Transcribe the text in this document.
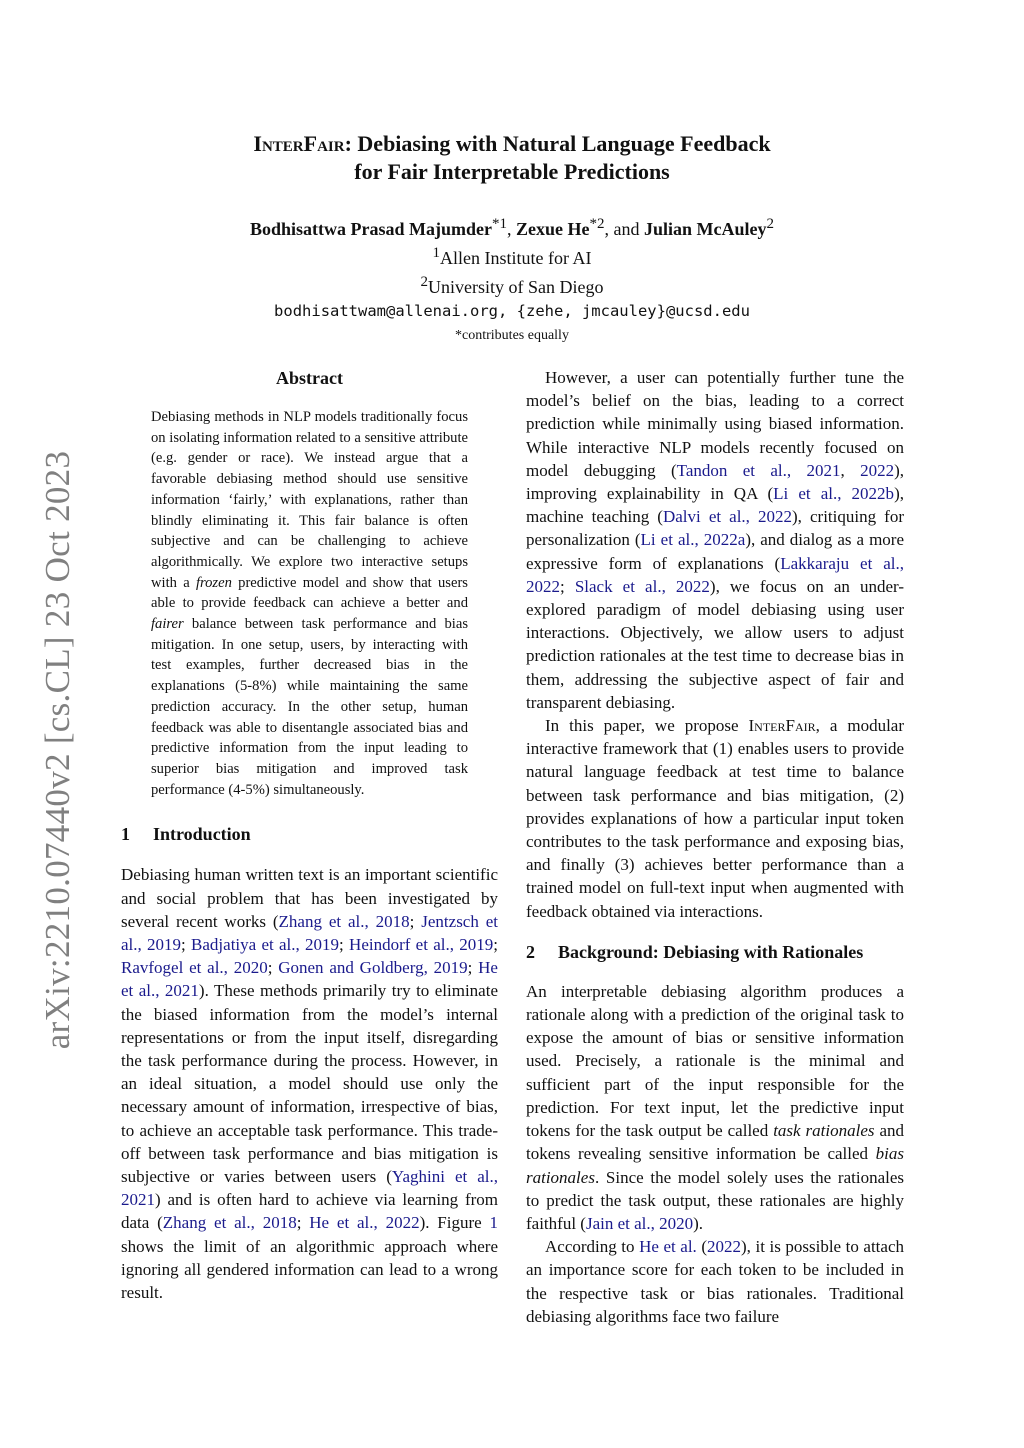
arXiv:2210.07440v2 [cs.CL] 23 Oct 2023
InterFair: Debiasing with Natural Language Feedback
for Fair Interpretable Predictions
Bodhisattwa Prasad Majumder$^{*1}$, Zexue He$^{*2}$, and Julian McAuley$^2$
$^1$Allen Institute for AI
$^2$University of San Diego
bodhisattwam@allenai.org, {zehe, jmcauley}@ucsd.edu
*contributes equally
Abstract
Debiasing methods in NLP models traditionally focus on isolating information related to a sensitive attribute (e.g. gender or race). We instead argue that a favorable debiasing method should use sensitive information ‘fairly,’ with explanations, rather than blindly eliminating it. This fair balance is often subjective and can be challenging to achieve algorithmically. We explore two interactive setups with a frozen predictive model and show that users able to provide feedback can achieve a better and fairer balance between task performance and bias mitigation. In one setup, users, by interacting with test examples, further decreased bias in the explanations (5-8%) while maintaining the same prediction accuracy. In the other setup, human feedback was able to disentangle associated bias and predictive information from the input leading to superior bias mitigation and improved task performance (4-5%) simultaneously.
1 Introduction

Debiasing human written text is an important scientific and social problem that has been investigated by several recent works (Zhang et al., 2018; Jentzsch et al., 2019; Badjatiya et al., 2019; Heindorf et al., 2019; Ravfogel et al., 2020; Gonen and Goldberg, 2019; He et al., 2021). These methods primarily try to eliminate the biased information from the model’s internal representations or from the input itself, disregarding the task performance during the process. However, in an ideal situation, a model should use only the necessary amount of information, irrespective of bias, to achieve an acceptable task performance. This trade-off between task performance and bias mitigation is subjective or varies between users (Yaghini et al., 2021) and is often hard to achieve via learning from data (Zhang et al., 2018; He et al., 2022). Figure 1 shows the limit of an algorithmic approach where ignoring all gendered information can lead to a wrong result.

However, a user can potentially further tune the model’s belief on the bias, leading to a correct prediction while minimally using biased information. While interactive NLP models recently focused on model debugging (Tandon et al., 2021, 2022), improving explainability in QA (Li et al., 2022b), machine teaching (Dalvi et al., 2022), critiquing for personalization (Li et al., 2022a), and dialog as a more expressive form of explanations (Lakkaraju et al., 2022; Slack et al., 2022), we focus on an under-explored paradigm of model debiasing using user interactions. Objectively, we allow users to adjust prediction rationales at the test time to decrease bias in them, addressing the subjective aspect of fair and transparent debiasing.

In this paper, we propose InterFair, a modular interactive framework that (1) enables users to provide natural language feedback at test time to balance between task performance and bias mitigation, (2) provides explanations of how a particular input token contributes to the task performance and exposing bias, and finally (3) achieves better performance than a trained model on full-text input when augmented with feedback obtained via interactions.

2 Background: Debiasing with Rationales

An interpretable debiasing algorithm produces a rationale along with a prediction of the original task to expose the amount of bias or sensitive information used. Precisely, a rationale is the minimal and sufficient part of the input responsible for the prediction. For text input, let the predictive input tokens for the task output be called task rationales and tokens revealing sensitive information be called bias rationales. Since the model solely uses the rationales to predict the task output, these rationales are highly faithful (Jain et al., 2020).

According to He et al. (2022), it is possible to attach an importance score for each token to be included in the respective task or bias rationales. Traditional debiasing algorithms face two failure
